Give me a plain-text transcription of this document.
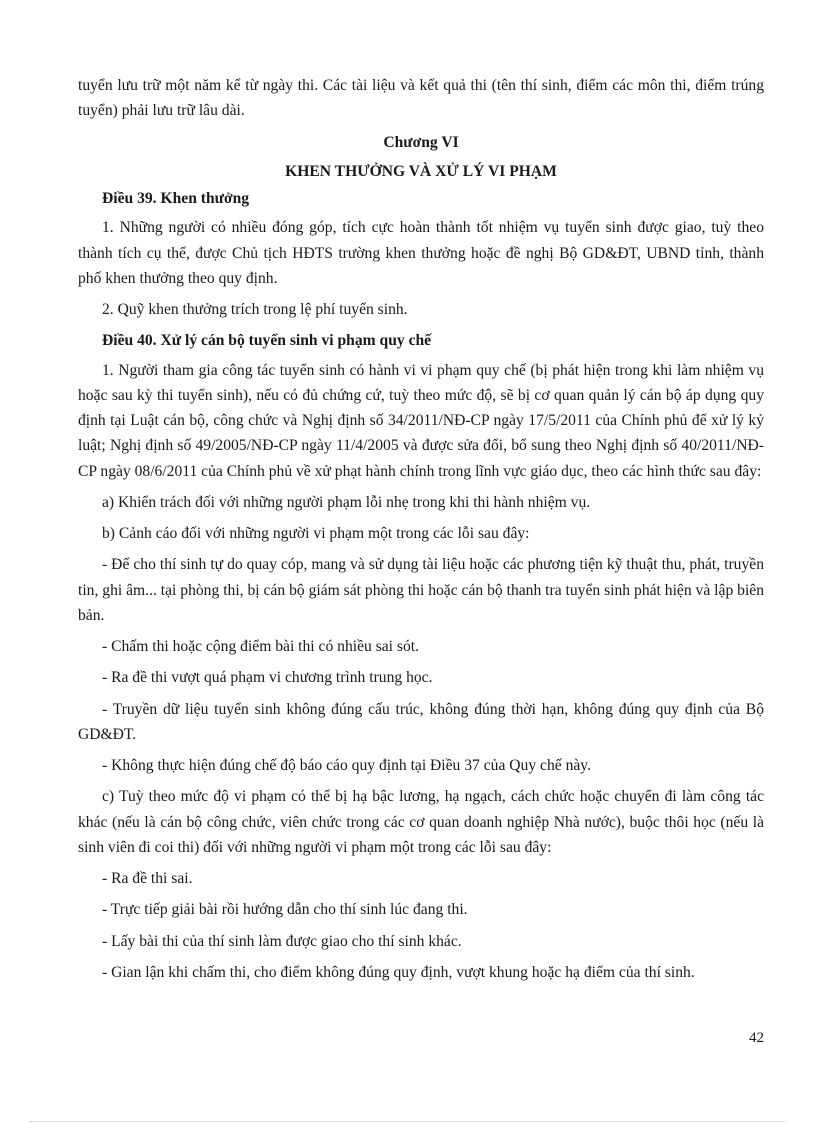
tuyển lưu trữ một năm kể từ ngày thi. Các tài liệu và kết quả thi (tên thí sinh, điểm các môn thi, điểm trúng tuyển) phải lưu trữ lâu dài.

Chương VI

KHEN THƯỞNG VÀ XỬ LÝ VI PHẠM

Điều 39. Khen thưởng

1. Những người có nhiều đóng góp, tích cực hoàn thành tốt nhiệm vụ tuyển sinh được giao, tuỳ theo thành tích cụ thể, được Chủ tịch HĐTS trường khen thưởng hoặc đề nghị Bộ GD&ĐT, UBND tỉnh, thành phố khen thưởng theo quy định.

2. Quỹ khen thưởng trích trong lệ phí tuyển sinh.

Điều 40. Xử lý cán bộ tuyển sinh vi phạm quy chế

1. Người tham gia công tác tuyển sinh có hành vi vi phạm quy chế (bị phát hiện trong khi làm nhiệm vụ hoặc sau kỳ thi tuyển sinh), nếu có đủ chứng cứ, tuỳ theo mức độ, sẽ bị cơ quan quản lý cán bộ áp dụng quy định tại Luật cán bộ, công chức và Nghị định số 34/2011/NĐ-CP ngày 17/5/2011 của Chính phủ để xử lý kỷ luật; Nghị định số 49/2005/NĐ-CP ngày 11/4/2005 và được sửa đổi, bổ sung theo Nghị định số 40/2011/NĐ-CP ngày 08/6/2011 của Chính phủ về xử phạt hành chính trong lĩnh vực giáo dục, theo các hình thức sau đây:

a) Khiển trách đối với những người phạm lỗi nhẹ trong khi thi hành nhiệm vụ.

b) Cảnh cáo đối với những người vi phạm một trong các lỗi sau đây:

- Để cho thí sinh tự do quay cóp, mang và sử dụng tài liệu hoặc các phương tiện kỹ thuật thu, phát, truyền tin, ghi âm... tại phòng thi, bị cán bộ giám sát phòng thi hoặc cán bộ thanh tra tuyển sinh phát hiện và lập biên bản.

- Chấm thi hoặc cộng điểm bài thi có nhiều sai sót.

- Ra đề thi vượt quá phạm vi chương trình trung học.

- Truyền dữ liệu tuyển sinh không đúng cấu trúc, không đúng thời hạn, không đúng quy định của Bộ GD&ĐT.

- Không thực hiện đúng chế độ báo cáo quy định tại Điều 37 của Quy chế này.

c) Tuỳ theo mức độ vi phạm có thể bị hạ bậc lương, hạ ngạch, cách chức hoặc chuyển đi làm công tác khác (nếu là cán bộ công chức, viên chức trong các cơ quan doanh nghiệp Nhà nước), buộc thôi học (nếu là sinh viên đi coi thi) đối với những người vi phạm một trong các lỗi sau đây:

- Ra đề thi sai.

- Trực tiếp giải bài rồi hướng dẫn cho thí sinh lúc đang thi.

- Lấy bài thi của thí sinh làm được giao cho thí sinh khác.

- Gian lận khi chấm thi, cho điểm không đúng quy định, vượt khung hoặc hạ điểm của thí sinh.

42
